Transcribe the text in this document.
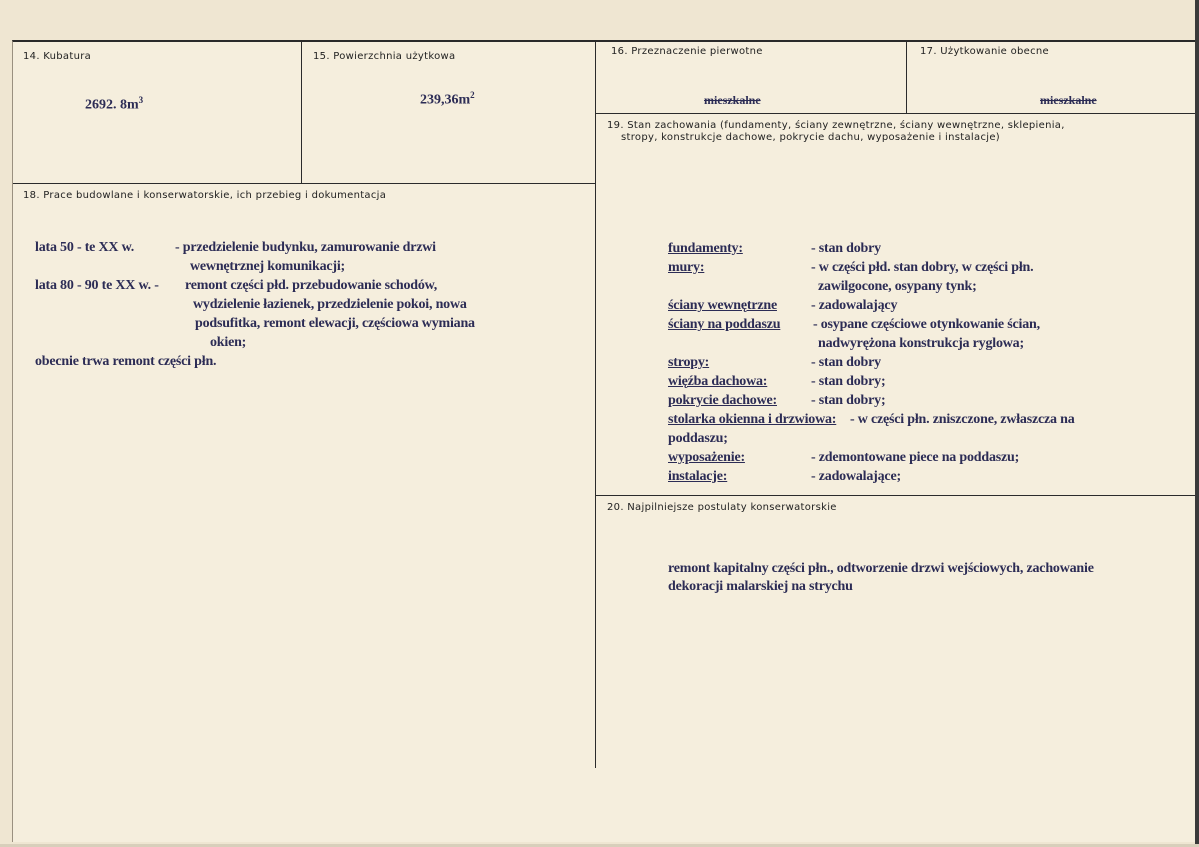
14. Kubatura
2692. $8m^3$
15. Powierzchnia użytkowa
$239,36m^2$
16. Przeznaczenie pierwotne
mieszkalne
17. Użytkowanie obecne
mieszkalne
19. Stan zachowania (fundamenty, ściany zewnętrzne, ściany wewnętrzne, sklepienia,
stropy, konstrukcje dachowe, pokrycie dachu, wyposażenie i instalacje)
fundamenty:	- stan dobry
mury:	- w części płd. stan dobry, w części płn.
zawilgocone, osypany tynk;
ściany wewnętrzne - zadowalający
ściany na poddaszu - osypane częściowe otynkowanie ścian,
nadwyrężona konstrukcja ryglowa;
stropy:	- stan dobry
więźba dachowa:	- stan dobry;
pokrycie dachowe: - stan dobry;
stolarka okienna i drzwiowa: - w części płn. zniszczone, zwłaszcza na
poddaszu;
wyposażenie:	- zdemontowane piece na poddaszu;
instalacje:	- zadowalające;
18. Prace budowlane i konserwatorskie, ich przebieg i dokumentacja
lata 50 - te XX w.	- przedzielenie budynku, zamurowanie drzwi
wewnętrznej komunikacji;
lata 80 - 90 te XX w. - remont części płd. przebudowanie schodów,
wydzielenie łazienek, przedzielenie pokoi, nowa
podsufitka, remont elewacji, częściowa wymiana
okien;
obecnie trwa remont części płn.
20. Najpilniejsze postulaty konserwatorskie
remont kapitalny części płn., odtworzenie drzwi wejściowych, zachowanie
dekoracji malarskiej na strychu
